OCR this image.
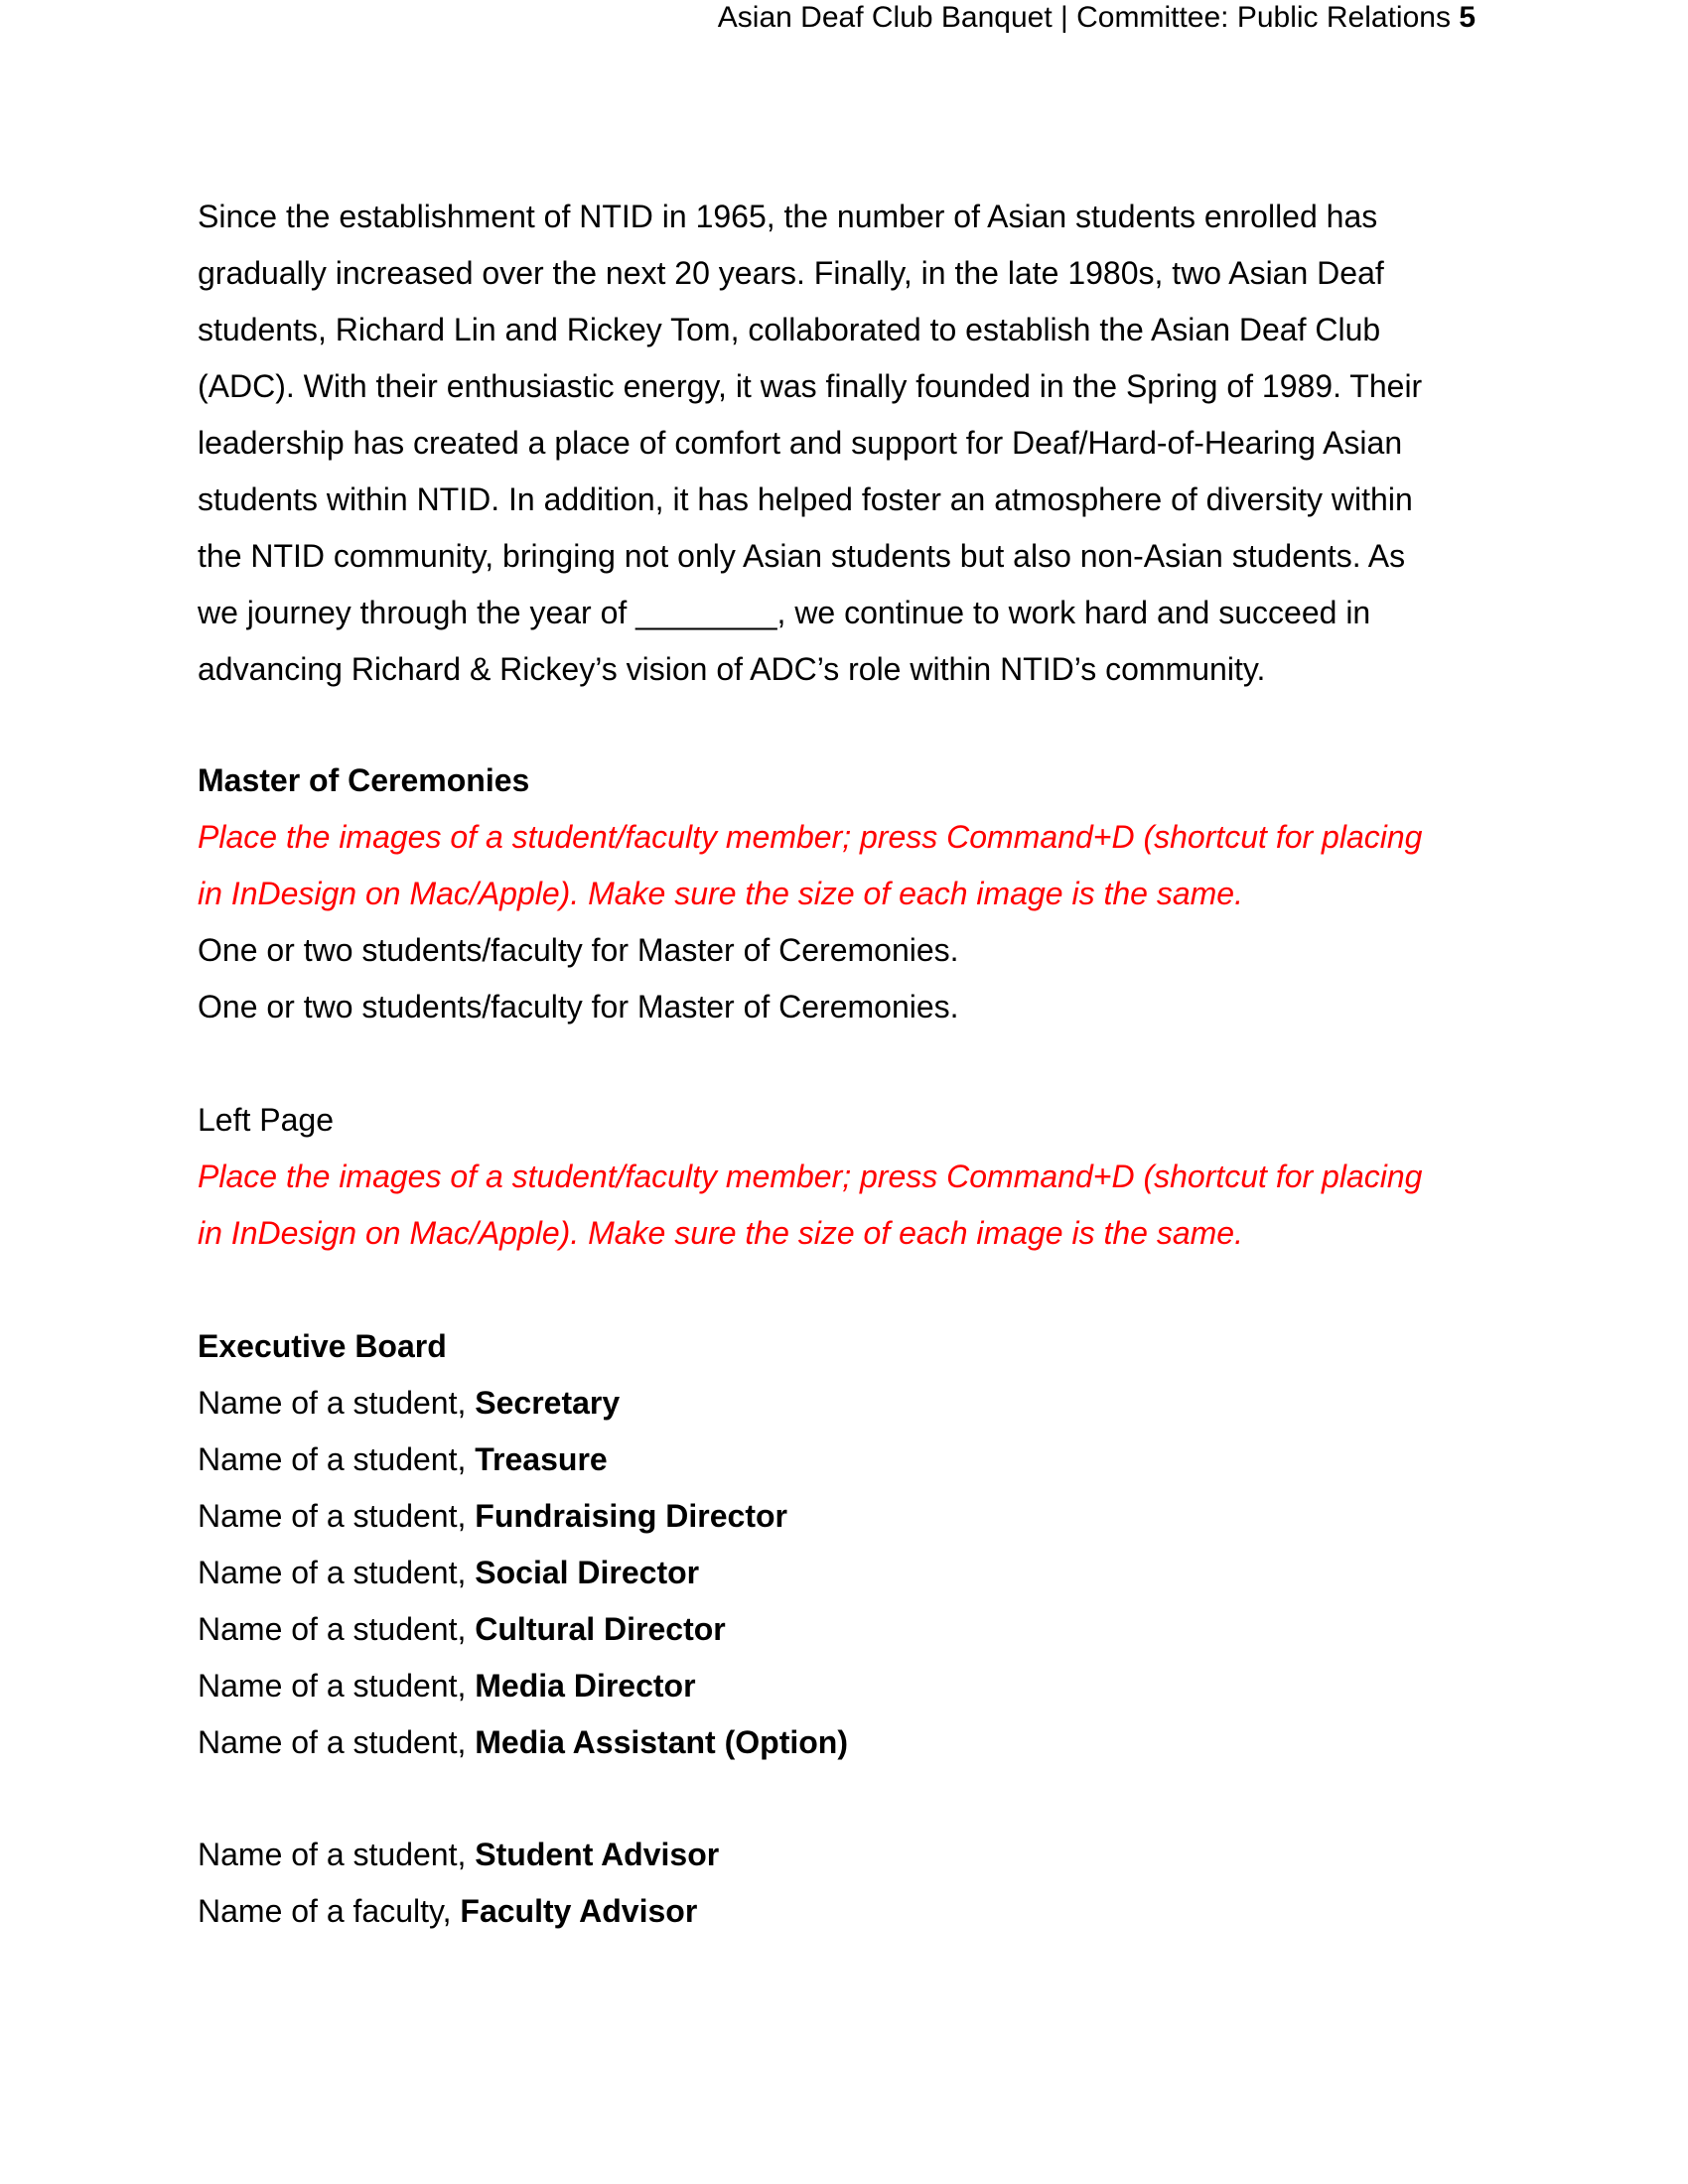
Asian Deaf Club Banquet | Committee: Public Relations 5
Since the establishment of NTID in 1965, the number of Asian students enrolled has
gradually increased over the next 20 years. Finally, in the late 1980s, two Asian Deaf
students, Richard Lin and Rickey Tom, collaborated to establish the Asian Deaf Club
(ADC). With their enthusiastic energy, it was finally founded in the Spring of 1989. Their
leadership has created a place of comfort and support for Deaf/Hard-of-Hearing Asian
students within NTID. In addition, it has helped foster an atmosphere of diversity within
the NTID community, bringing not only Asian students but also non-Asian students. As
we journey through the year of ________, we continue to work hard and succeed in
advancing Richard & Rickey’s vision of ADC’s role within NTID’s community.
Master of Ceremonies
Place the images of a student/faculty member; press Command+D (shortcut for placing
in InDesign on Mac/Apple). Make sure the size of each image is the same.
One or two students/faculty for Master of Ceremonies.
One or two students/faculty for Master of Ceremonies.
Left Page
Place the images of a student/faculty member; press Command+D (shortcut for placing
in InDesign on Mac/Apple). Make sure the size of each image is the same.
Executive Board
Name of a student, Secretary
Name of a student, Treasure
Name of a student, Fundraising Director
Name of a student, Social Director
Name of a student, Cultural Director
Name of a student, Media Director
Name of a student, Media Assistant (Option)
Name of a student, Student Advisor
Name of a faculty, Faculty Advisor
